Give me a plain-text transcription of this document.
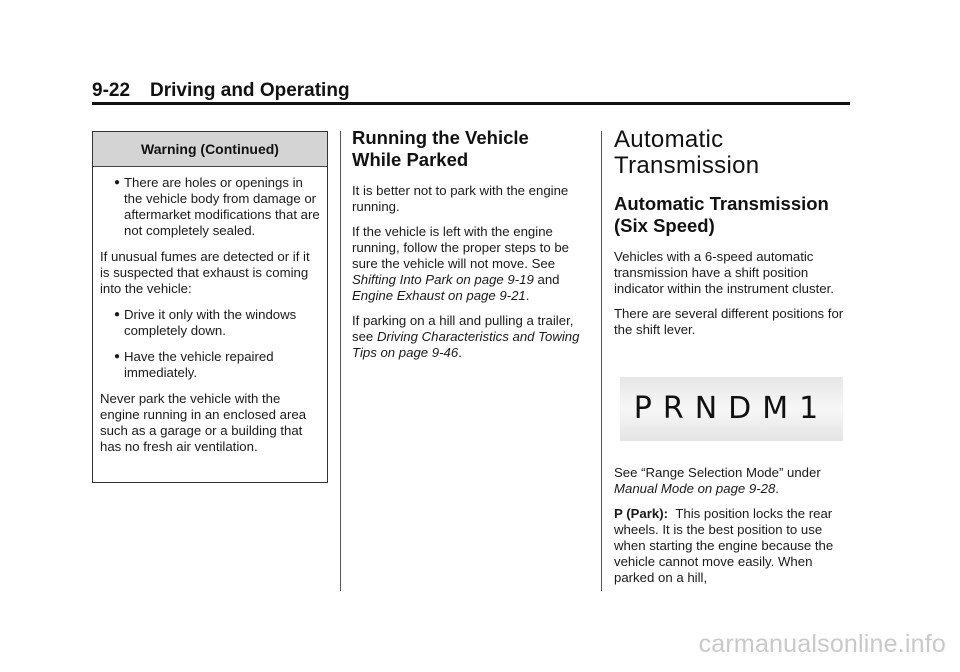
9-22 Driving and Operating
Warning (Continued)
● There are holes or openings in the vehicle body from damage or aftermarket modifications that are not completely sealed.

If unusual fumes are detected or if it is suspected that exhaust is coming into the vehicle:

● Drive it only with the windows completely down.
● Have the vehicle repaired immediately.

Never park the vehicle with the engine running in an enclosed area such as a garage or a building that has no fresh air ventilation.

Running the Vehicle While Parked

It is better not to park with the engine running.

If the vehicle is left with the engine running, follow the proper steps to be sure the vehicle will not move. See Shifting Into Park on page 9-19 and Engine Exhaust on page 9-21.

If parking on a hill and pulling a trailer, see Driving Characteristics and Towing Tips on page 9-46.

Automatic
Transmission
Automatic Transmission (Six Speed)

Vehicles with a 6-speed automatic transmission have a shift position indicator within the instrument cluster.

There are several different positions for the shift lever.

PRNDM1

See “Range Selection Mode” under Manual Mode on page 9-28.

P (Park): This position locks the rear wheels. It is the best position to use when starting the engine because the vehicle cannot move easily. When parked on a hill,

carmanualsonline.info
